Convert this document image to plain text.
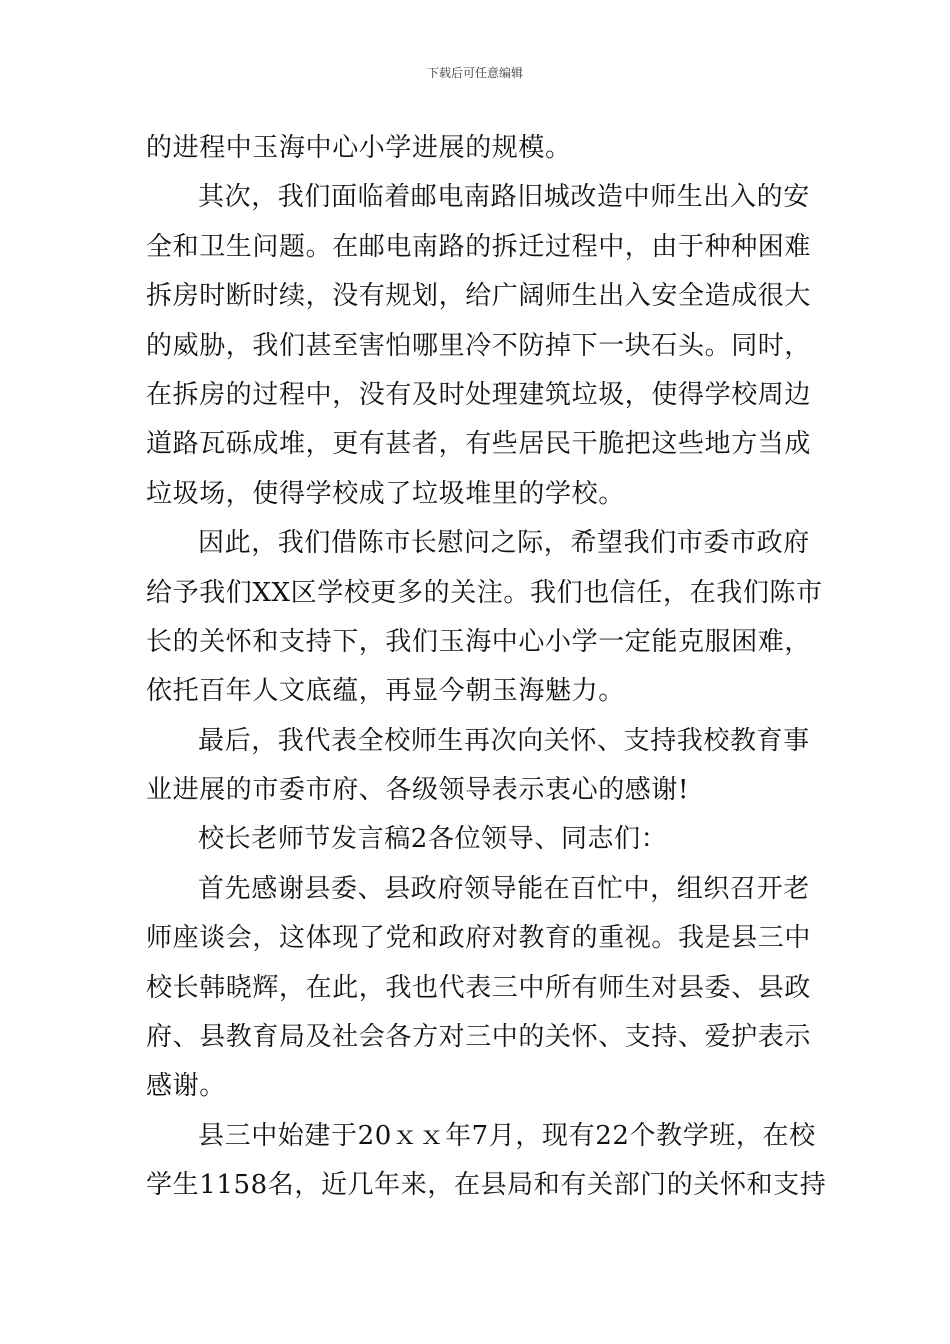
下载后可任意编辑
的进程中玉海中心小学进展的规模。
其次，我们面临着邮电南路旧城改造中师生出入的安
全和卫生问题。在邮电南路的拆迁过程中，由于种种困难
拆房时断时续，没有规划，给广阔师生出入安全造成很大
的威胁，我们甚至害怕哪里冷不防掉下一块石头。同时，
在拆房的过程中，没有及时处理建筑垃圾，使得学校周边
道路瓦砾成堆，更有甚者，有些居民干脆把这些地方当成
垃圾场，使得学校成了垃圾堆里的学校。
因此，我们借陈市长慰问之际，希望我们市委市政府
给予我们XX区学校更多的关注。我们也信任，在我们陈市
长的关怀和支持下，我们玉海中心小学一定能克服困难，
依托百年人文底蕴，再显今朝玉海魅力。
最后，我代表全校师生再次向关怀、支持我校教育事
业进展的市委市府、各级领导表示衷心的感谢!
校长老师节发言稿2各位领导、同志们：
首先感谢县委、县政府领导能在百忙中，组织召开老
师座谈会，这体现了党和政府对教育的重视。我是县三中
校长韩晓辉，在此，我也代表三中所有师生对县委、县政
府、县教育局及社会各方对三中的关怀、支持、爱护表示
感谢。
县三中始建于20ｘｘ年7月，现有22个教学班，在校
学生1158名，近几年来，在县局和有关部门的关怀和支持
